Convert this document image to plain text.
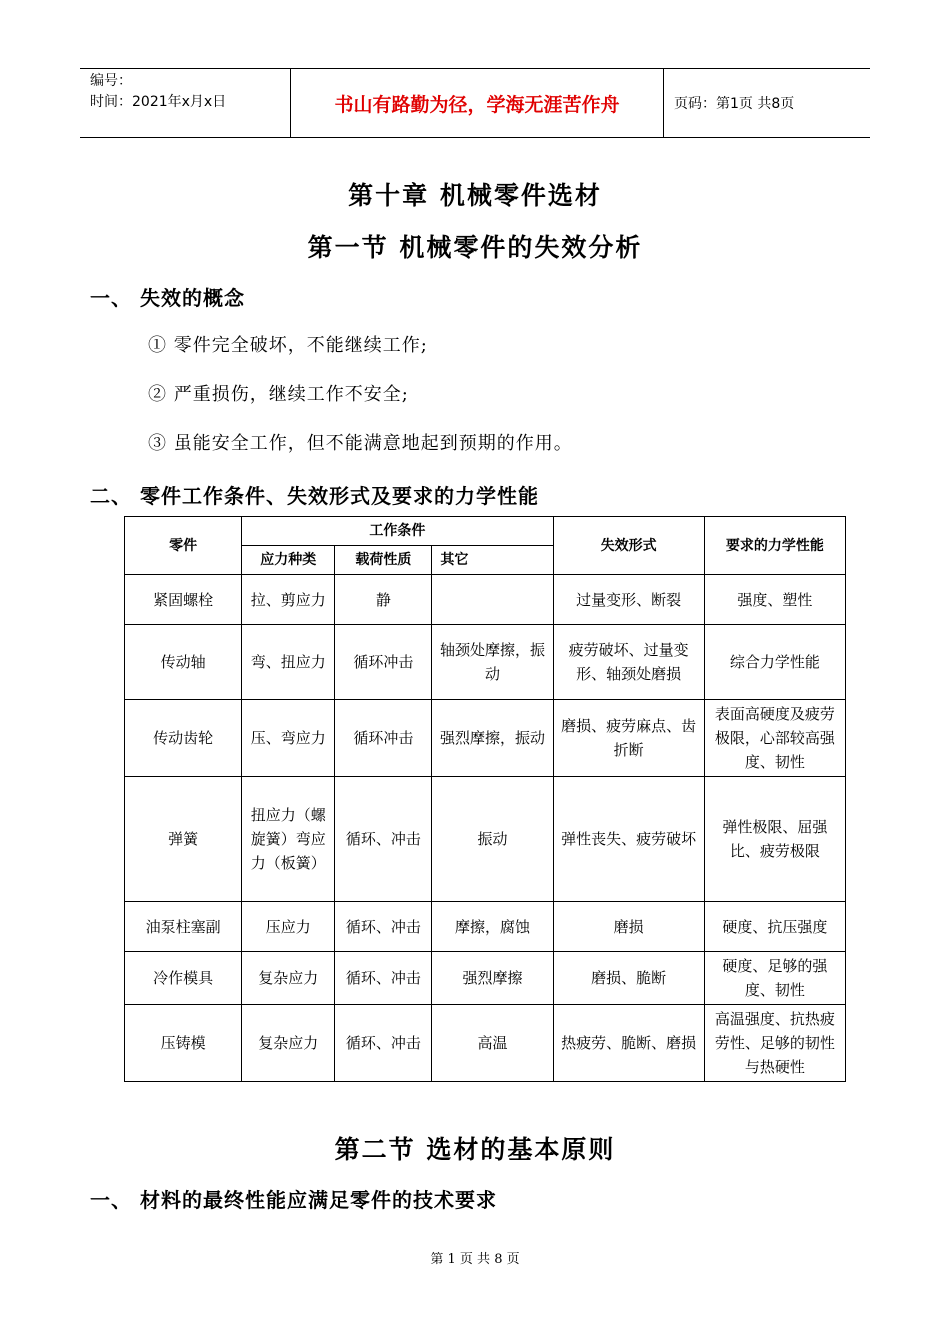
编号：
时间：2021年x月x日	书山有路勤为径，学海无涯苦作舟	页码：第1页 共8页
第十章 机械零件选材
第一节 机械零件的失效分析
一、 失效的概念
① 零件完全破坏，不能继续工作;
② 严重损伤，继续工作不安全;
③ 虽能安全工作，但不能满意地起到预期的作用。
二、 零件工作条件、失效形式及要求的力学性能
零件	工作条件			失效形式	要求的力学性能
	应力种类	载荷性质	其它		
紧固螺栓	拉、剪应力	静		过量变形、断裂	强度、塑性
传动轴	弯、扭应力	循环冲击	轴颈处摩擦，振动	疲劳破坏、过量变形、轴颈处磨损	综合力学性能
传动齿轮	压、弯应力	循环冲击	强烈摩擦，振动	磨损、疲劳麻点、齿折断	表面高硬度及疲劳极限，心部较高强度、韧性
弹簧	扭应力（螺旋簧）弯应力（板簧）	循环、冲击	振动	弹性丧失、疲劳破坏	弹性极限、屈强比、疲劳极限
油泵柱塞副	压应力	循环、冲击	摩擦，腐蚀	磨损	硬度、抗压强度
冷作模具	复杂应力	循环、冲击	强烈摩擦	磨损、脆断	硬度、足够的强度、韧性
压铸模	复杂应力	循环、冲击	高温	热疲劳、脆断、磨损	高温强度、抗热疲劳性、足够的韧性与热硬性
第二节 选材的基本原则
一、 材料的最终性能应满足零件的技术要求
第 1 页 共 8 页
